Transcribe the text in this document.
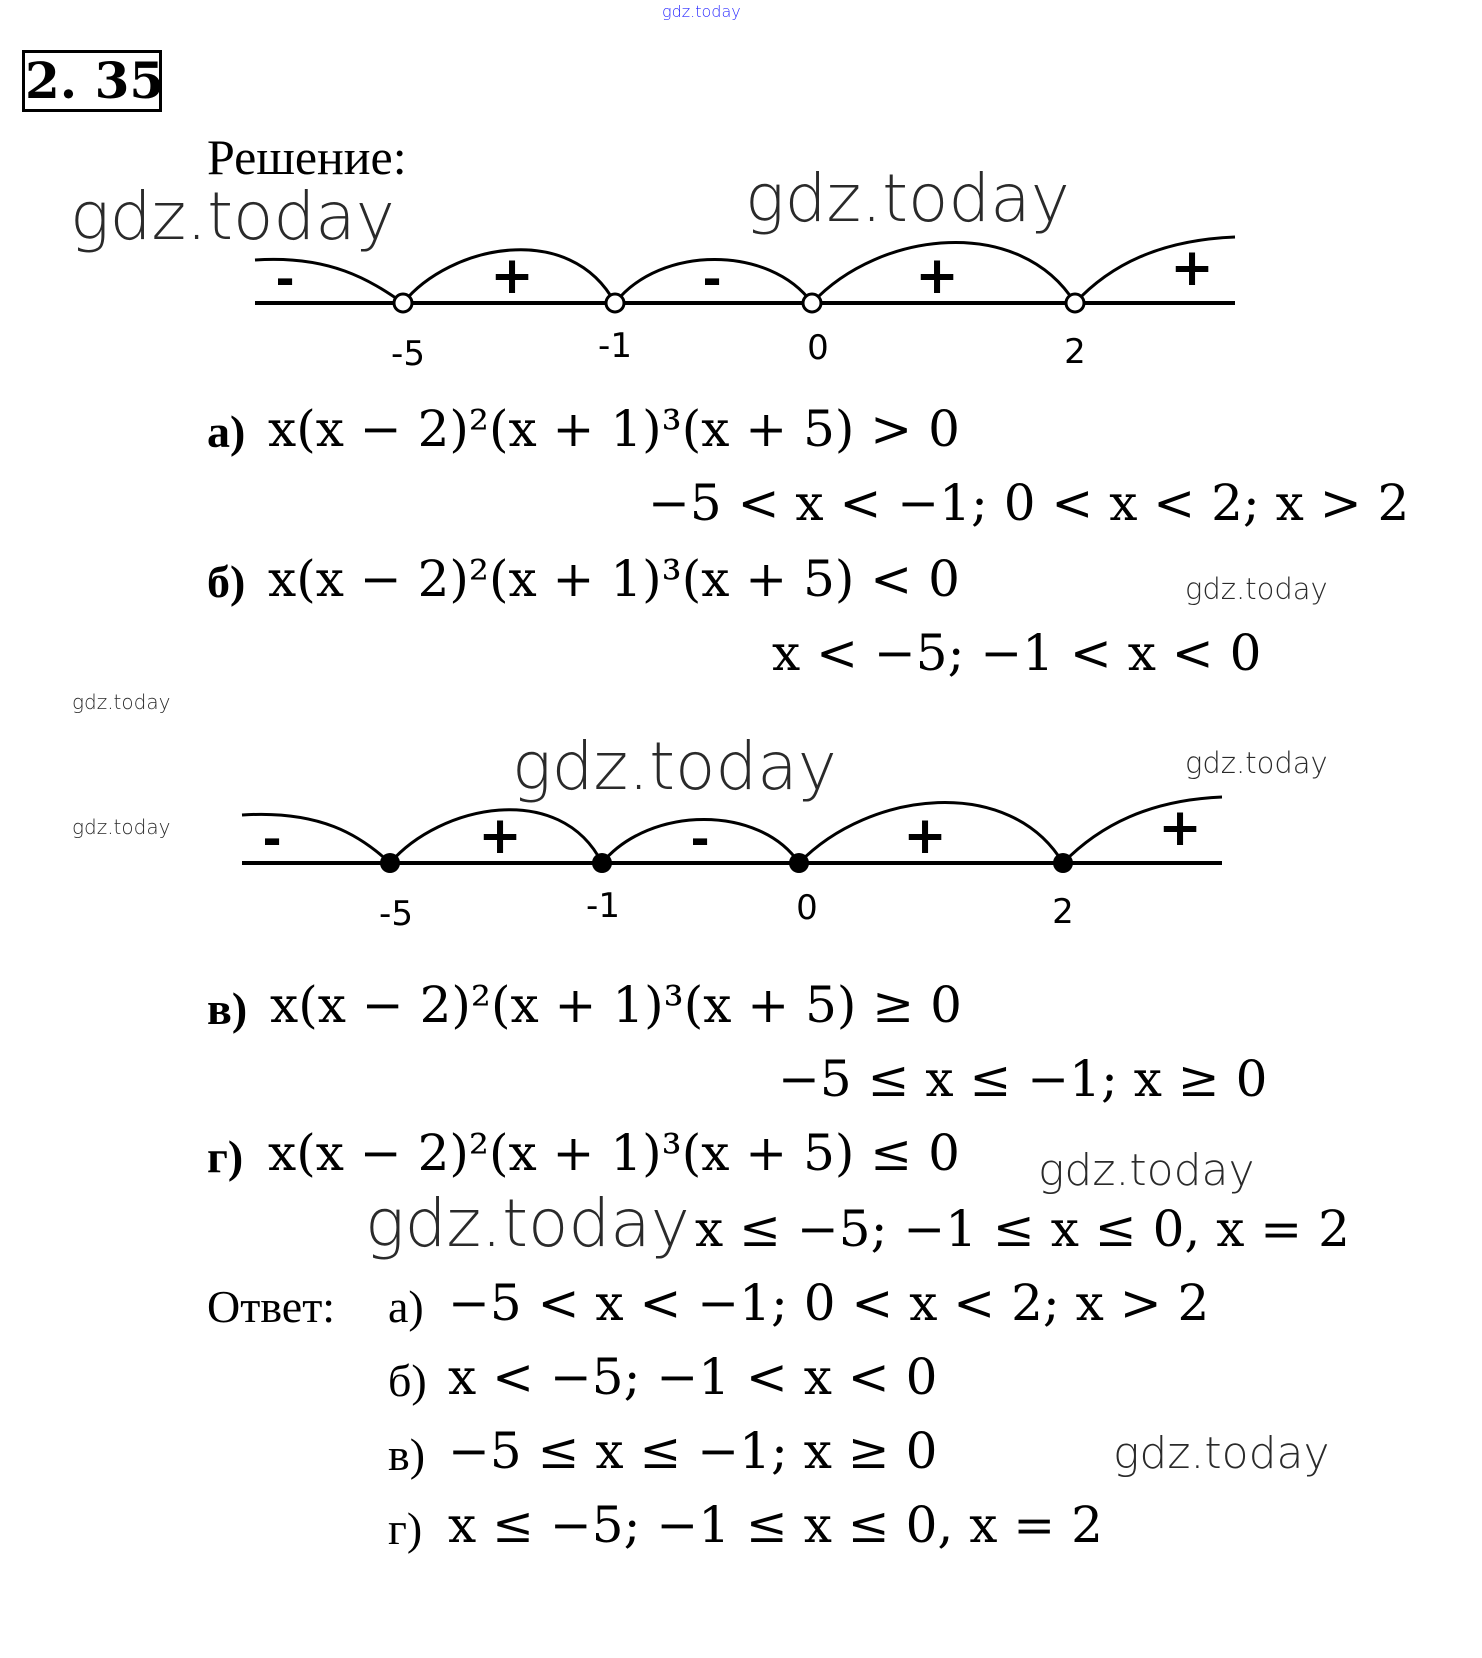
gdz.today
2. 35
Решение:
gdz.today	gdz.today
-	+	-	+	+
-5	-1	0	2
а) x(x − 2)²(x + 1)³(x + 5) > 0
−5 < x < −1; 0 < x < 2; x > 2
б) x(x − 2)²(x + 1)³(x + 5) < 0	gdz.today
x < −5; −1 < x < 0
gdz.today
gdz.today
gdz.today	gdz.today
-	+	-	+	+
-5	-1	0	2
в) x(x − 2)²(x + 1)³(x + 5) ≥ 0
−5 ≤ x ≤ −1; x ≥ 0
г) x(x − 2)²(x + 1)³(x + 5) ≤ 0 gdz.today
gdz.today x ≤ −5; −1 ≤ x ≤ 0, x = 2
Ответ: а) −5 < x < −1; 0 < x < 2; x > 2
б) x < −5; −1 < x < 0
в) −5 ≤ x ≤ −1; x ≥ 0	gdz.today
г) x ≤ −5; −1 ≤ x ≤ 0, x = 2
